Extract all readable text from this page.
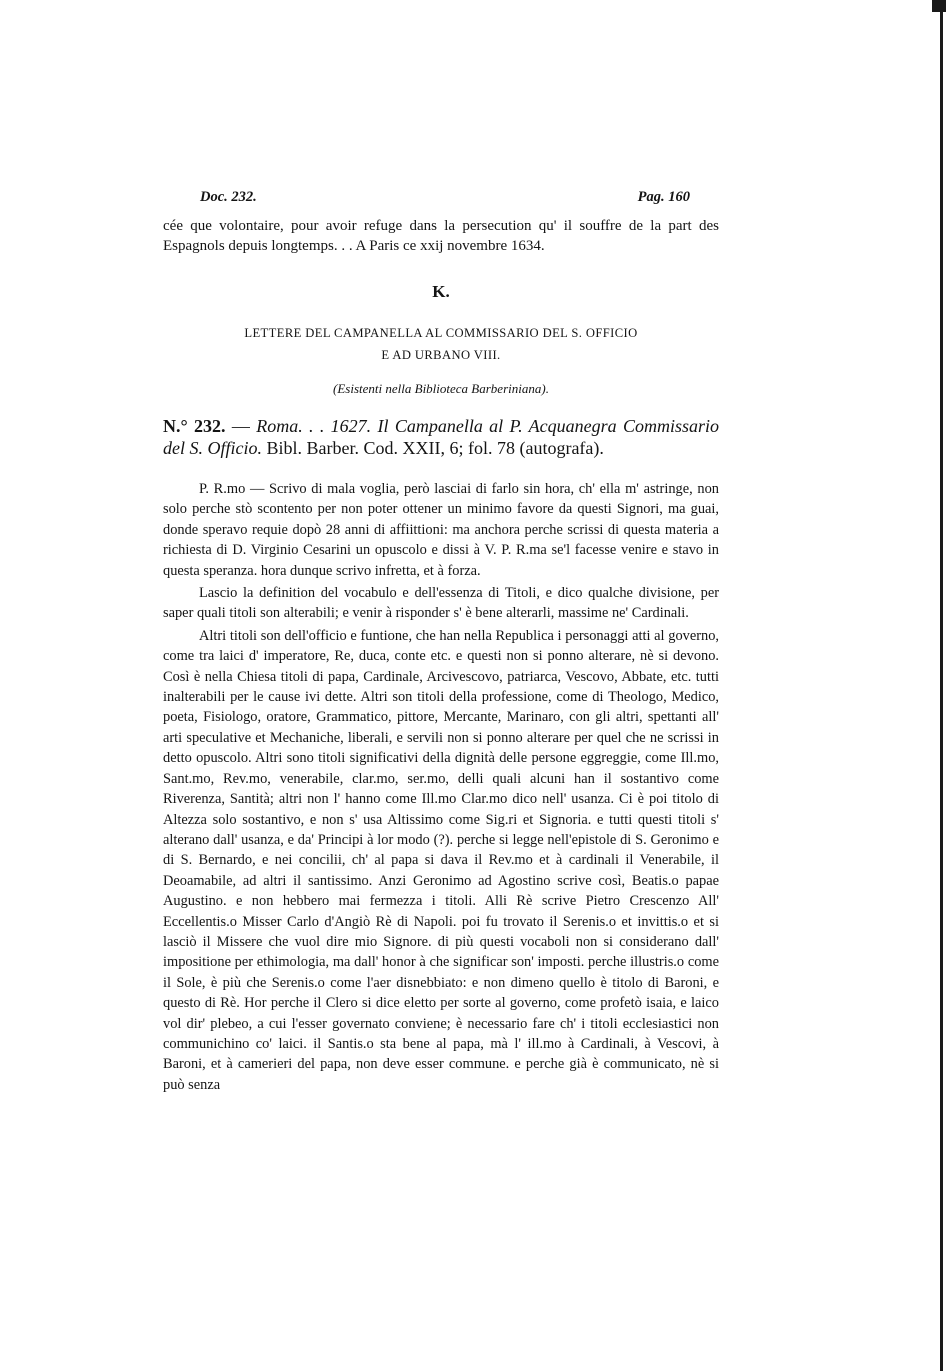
Doc. 232.	Pag. 160
cée que volontaire, pour avoir refuge dans la persecution qu' il souffre de la part des Espagnols depuis longtemps. . . A Paris ce xxij novembre 1634.
K.
LETTERE DEL CAMPANELLA AL COMMISSARIO DEL S. OFFICIO
E AD URBANO VIII.
(Esistenti nella Biblioteca Barberiniana).
N.° 232. — Roma. . . 1627. Il Campanella al P. Acquanegra Commissario del S. Officio. Bibl. Barber. Cod. XXII, 6; fol. 78 (autografa).

P. R.mo — Scrivo di mala voglia, però lasciai di farlo sin hora, ch' ella m' astringe, non solo perche stò scontento per non poter ottener un minimo favore da questi Signori, ma guai, donde speravo requie dopò 28 anni di affiittioni: ma anchora perche scrissi di questa materia a richiesta di D. Virginio Cesarini un opuscolo e dissi à V. P. R.ma se'l facesse venire e stavo in questa speranza. hora dunque scrivo infretta, et à forza.

Lascio la definition del vocabulo e dell'essenza di Titoli, e dico qualche divisione, per saper quali titoli son alterabili; e venir à risponder s' è bene alterarli, massime ne' Cardinali.

Altri titoli son dell'officio e funtione, che han nella Republica i personaggi atti al governo, come tra laici d' imperatore, Re, duca, conte etc. e questi non si ponno alterare, nè si devono. Così è nella Chiesa titoli di papa, Cardinale, Arcivescovo, patriarca, Vescovo, Abbate, etc. tutti inalterabili per le cause ivi dette. Altri son titoli della professione, come di Theologo, Medico, poeta, Fisiologo, oratore, Grammatico, pittore, Mercante, Marinaro, con gli altri, spettanti all' arti speculative et Mechaniche, liberali, e servili non si ponno alterare per quel che ne scrissi in detto opuscolo. Altri sono titoli significativi della dignità delle persone eggreggie, come Ill.mo, Sant.mo, Rev.mo, venerabile, clar.mo, ser.mo, delli quali alcuni han il sostantivo come Riverenza, Santità; altri non l' hanno come Ill.mo Clar.mo dico nell' usanza. Ci è poi titolo di Altezza solo sostantivo, e non s' usa Altissimo come Sig.ri et Signoria. e tutti questi titoli s' alterano dall' usanza, e da' Principi à lor modo (?). perche si legge nell'epistole di S. Geronimo e di S. Bernardo, e nei concilii, ch' al papa si dava il Rev.mo et à cardinali il Venerabile, il Deoamabile, ad altri il santissimo. Anzi Geronimo ad Agostino scrive così, Beatis.o papae Augustino. e non hebbero mai fermezza i titoli. Alli Rè scrive Pietro Crescenzo All' Eccellentis.o Misser Carlo d'Angiò Rè di Napoli. poi fu trovato il Serenis.o et invittis.o et si lasciò il Missere che vuol dire mio Signore. di più questi vocaboli non si considerano dall' impositione per ethimologia, ma dall' honor à che significar son' imposti. perche illustris.o come il Sole, è più che Serenis.o come l'aer disnebbiato: e non dimeno quello è titolo di Baroni, e questo di Rè. Hor perche il Clero si dice eletto per sorte al governo, come profetò isaia, e laico vol dir' plebeo, a cui l'esser governato conviene; è necessario fare ch' i titoli ecclesiastici non communichino co' laici. il Santis.o sta bene al papa, mà l' ill.mo à Cardinali, à Vescovi, à Baroni, et à camerieri del papa, non deve esser commune. e perche già è communicato, nè si può senza
